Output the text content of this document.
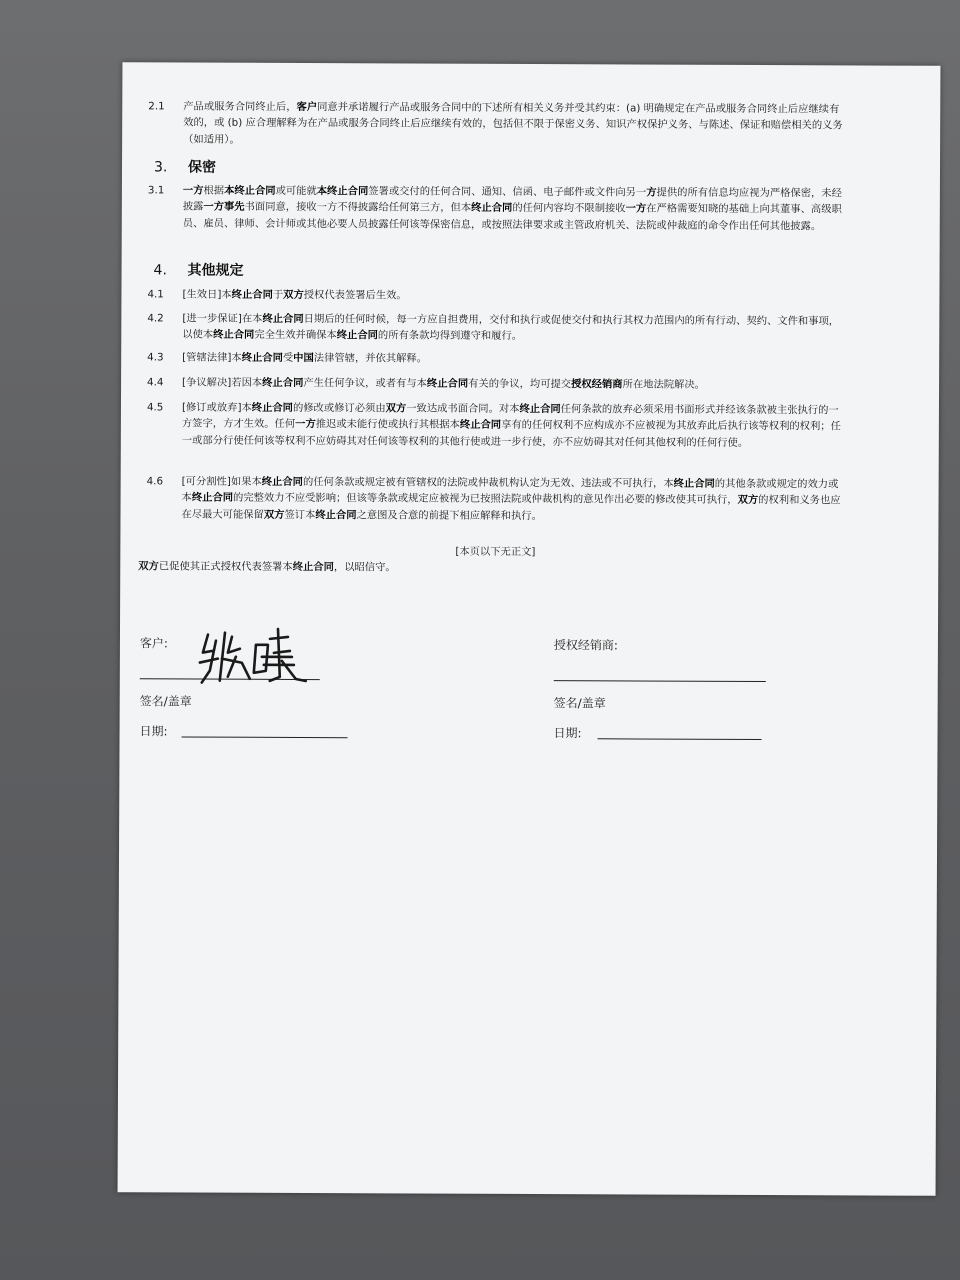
2.1	产品或服务合同终止后，客户同意并承诺履行产品或服务合同中的下述所有相关义务并受其约束：(a) 明确规定在产品或服务合同终止后应继续有效的，或 (b) 应合理解释为在产品或服务合同终止后应继续有效的，包括但不限于保密义务、知识产权保护义务、与陈述、保证和赔偿相关的义务（如适用）。
3. 保密
3.1	一方根据本终止合同或可能就本终止合同签署或交付的任何合同、通知、信函、电子邮件或文件向另一方提供的所有信息均应视为严格保密，未经披露一方事先书面同意，接收一方不得披露给任何第三方，但本终止合同的任何内容均不限制接收一方在严格需要知晓的基础上向其董事、高级职员、雇员、律师、会计师或其他必要人员披露任何该等保密信息，或按照法律要求或主管政府机关、法院或仲裁庭的命令作出任何其他披露。
4. 其他规定
4.1	[生效日]本终止合同于双方授权代表签署后生效。
4.2	[进一步保证]在本终止合同日期后的任何时候，每一方应自担费用，交付和执行或促使交付和执行其权力范围内的所有行动、契约、文件和事项，以使本终止合同完全生效并确保本终止合同的所有条款均得到遵守和履行。
4.3	[管辖法律]本终止合同受中国法律管辖，并依其解释。
4.4	[争议解决]若因本终止合同产生任何争议，或者有与本终止合同有关的争议，均可提交授权经销商所在地法院解决。
4.5	[修订或放弃]本终止合同的修改或修订必须由双方一致达成书面合同。对本终止合同任何条款的放弃必须采用书面形式并经该条款被主张执行的一方签字，方才生效。任何一方推迟或未能行使或执行其根据本终止合同享有的任何权利不应构成亦不应被视为其放弃此后执行该等权利的权利；任一或部分行使任何该等权利不应妨碍其对任何该等权利的其他行使或进一步行使，亦不应妨碍其对任何其他权利的任何行使。
4.6	[可分割性]如果本终止合同的任何条款或规定被有管辖权的法院或仲裁机构认定为无效、违法或不可执行，本终止合同的其他条款或规定的效力或本终止合同的完整效力不应受影响；但该等条款或规定应被视为已按照法院或仲裁机构的意见作出必要的修改使其可执行，双方的权利和义务也应在尽最大可能保留双方签订本终止合同之意图及合意的前提下相应解释和执行。
[本页以下无正文]
双方已促使其正式授权代表签署本终止合同，以昭信守。
客户:	授权经销商:
签名/盖章	签名/盖章
日期:	日期:
